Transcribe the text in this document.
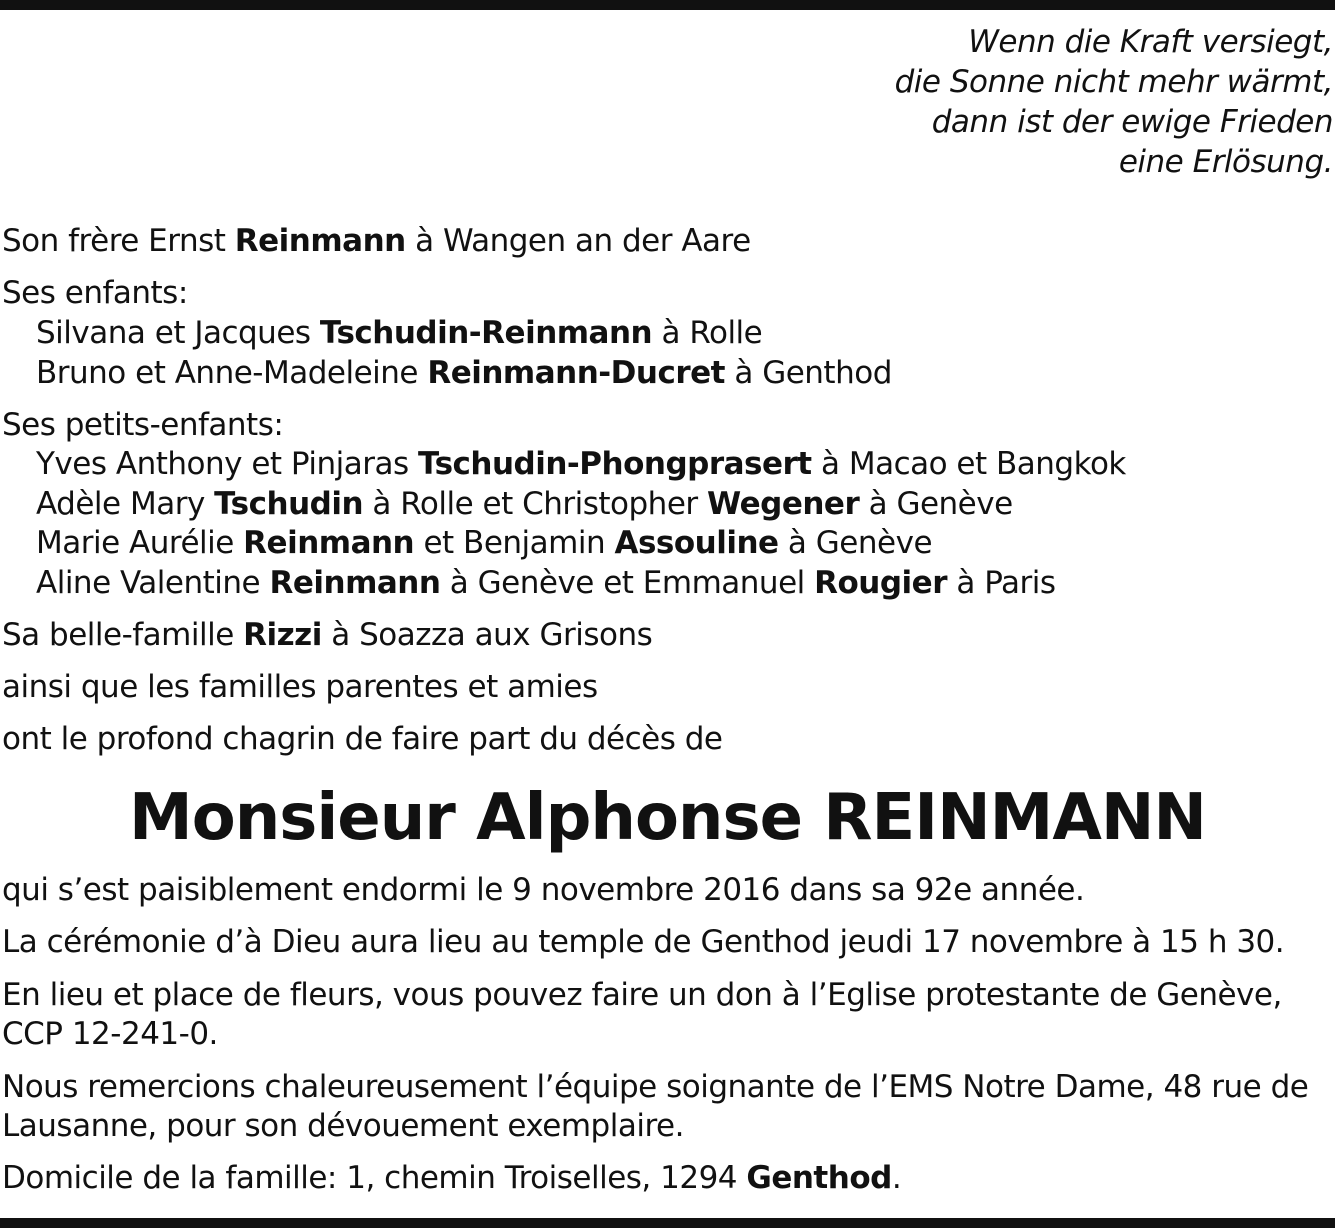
Wenn die Kraft versiegt,
die Sonne nicht mehr wärmt,
dann ist der ewige Frieden
eine Erlösung.
Son frère Ernst Reinmann à Wangen an der Aare
Ses enfants:
Silvana et Jacques Tschudin-Reinmann à Rolle
Bruno et Anne-Madeleine Reinmann-Ducret à Genthod
Ses petits-enfants:
Yves Anthony et Pinjaras Tschudin-Phongprasert à Macao et Bangkok
Adèle Mary Tschudin à Rolle et Christopher Wegener à Genève
Marie Aurélie Reinmann et Benjamin Assouline à Genève
Aline Valentine Reinmann à Genève et Emmanuel Rougier à Paris
Sa belle-famille Rizzi à Soazza aux Grisons
ainsi que les familles parentes et amies
ont le profond chagrin de faire part du décès de
qui s’est paisiblement endormi le 9 novembre 2016 dans sa 92e année.
La cérémonie d’à Dieu aura lieu au temple de Genthod jeudi 17 novembre à 15 h 30.
En lieu et place de fleurs, vous pouvez faire un don à l’Eglise protestante de Genève,
CCP 12-241-0.
Nous remercions chaleureusement l’équipe soignante de l’EMS Notre Dame, 48 rue de
Lausanne, pour son dévouement exemplaire.
Domicile de la famille: 1, chemin Troiselles, 1294 Genthod.
Monsieur Alphonse REINMANN
